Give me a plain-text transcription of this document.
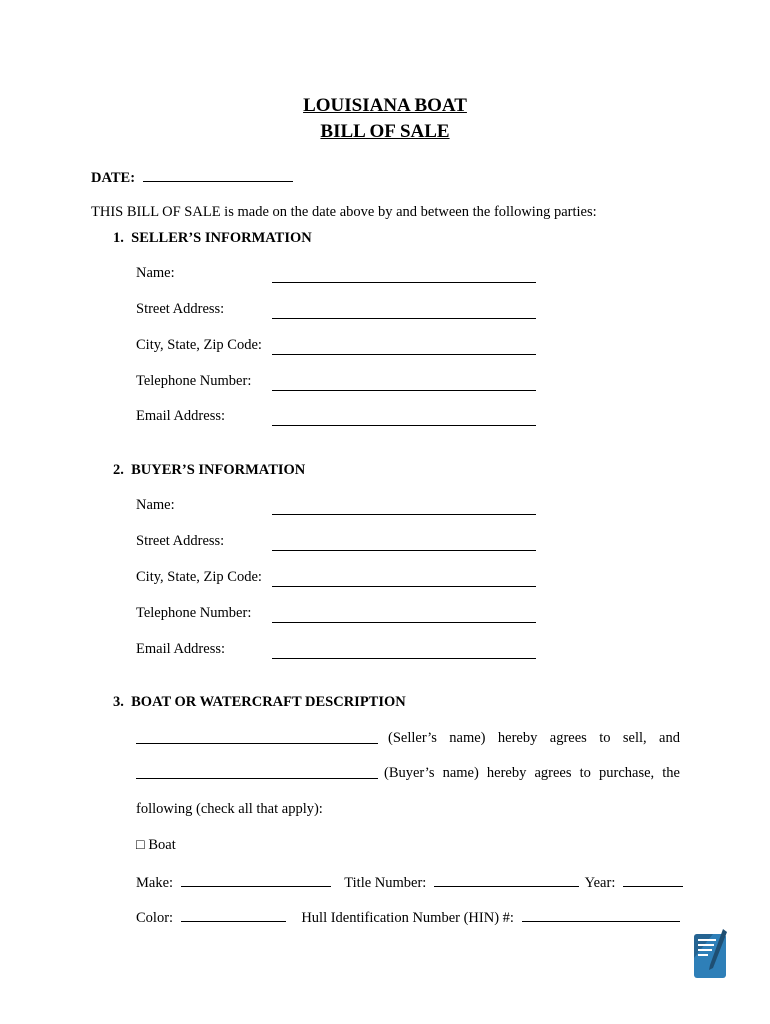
LOUISIANA BOAT
BILL OF SALE
DATE:
THIS BILL OF SALE is made on the date above by and between the following parties:
1.  SELLER’S INFORMATION
Name:
Street Address:
City, State, Zip Code:
Telephone Number:
Email Address:
2.  BUYER’S INFORMATION
Name:
Street Address:
City, State, Zip Code:
Telephone Number:
Email Address:
3.  BOAT OR WATERCRAFT DESCRIPTION
(Seller’s name) hereby agrees to sell, and
(Buyer’s name) hereby agrees to purchase, the
following (check all that apply):
□ Boat
Make:	Title Number:	Year:
Color:	Hull Identification Number (HIN) #:
